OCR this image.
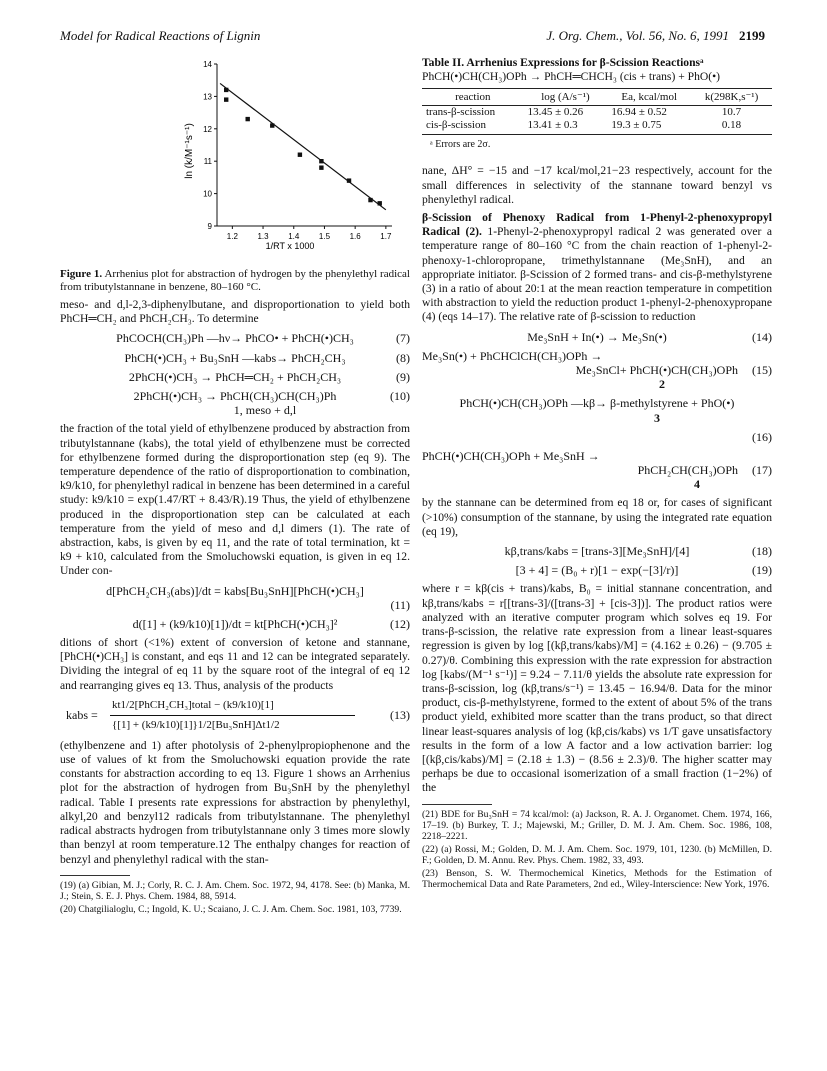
Model for Radical Reactions of Lignin	J. Org. Chem., Vol. 56, No. 6, 1991 2199
ln (k/M⁻¹s⁻¹)
1/RT x 1000
14
13
12
11
10
9
1.2 1.3 1.4 1.5 1.6 1.7
Figure 1. Arrhenius plot for abstraction of hydrogen by the phenylethyl radical from tributylstannane in benzene, 80–160 °C.

meso- and d,l-2,3-diphenylbutane, and disproportionation to yield both PhCH═CH₂ and PhCH₂CH₃. To determine

PhCOCH(CH₃)Ph —hν→ PhCO• + PhCH(•)CH₃	(7)
PhCH(•)CH₃ + Bu₃SnH —kabs→ PhCH₂CH₃	(8)
2PhCH(•)CH₃ → PhCH═CH₂ + PhCH₂CH₃	(9)
2PhCH(•)CH₃ → PhCH(CH₃)CH(CH₃)Ph	(10)
1, meso + d,l

the fraction of the total yield of ethylbenzene produced by abstraction from tributylstannane (kabs), the total yield of ethylbenzene must be corrected for ethylbenzene formed during the disproportionation step (eq 9). The temperature dependence of the ratio of disproportionation to combination, k9/k10, for phenylethyl radical in benzene has been determined in a careful study: k9/k10 = exp(1.47/RT + 8.43/R).19 Thus, the yield of ethylbenzene produced in the disproportionation step can be calculated at each temperature from the yield of meso and d,l dimers (1). The rate of abstraction, kabs, is given by eq 11, and the rate of total termination, kt = k9 + k10, calculated from the Smoluchowski equation, is given in eq 12. Under con-

d[PhCH₂CH₃(abs)]/dt = kabs[Bu₃SnH][PhCH(•)CH₃]
(11)
d([1] + (k9/k10)[1])/dt = kt[PhCH(•)CH₃]²	(12)

ditions of short (<1%) extent of conversion of ketone and stannane, [PhCH(•)CH₃] is constant, and eqs 11 and 12 can be integrated separately. Dividing the integral of eq 11 by the square root of the integral of eq 12 and rearranging gives eq 13. Thus, analysis of the products

kabs =
kt1/2[PhCH₂CH₃]total − (k9/k10)[1]
{[1] + (k9/k10)[1]}1/2[Bu₃SnH]Δt1/2
(13)

(ethylbenzene and 1) after photolysis of 2-phenylpropiophenone and the use of values of kt from the Smoluchowski equation provide the rate constants for abstraction according to eq 13. Figure 1 shows an Arrhenius plot for the abstraction of hydrogen from Bu₃SnH by the phenylethyl radical. Table I presents rate expressions for abstraction by phenylethyl, alkyl,20 and benzyl12 radicals from tributylstannane. The phenylethyl radical abstracts hydrogen from tributylstannane only 3 times more slowly than benzyl at room temperature.12 The enthalpy changes for reaction of benzyl and phenylethyl radical with the stan-

(19) (a) Gibian, M. J.; Corly, R. C. J. Am. Chem. Soc. 1972, 94, 4178. See: (b) Manka, M. J.; Stein, S. E. J. Phys. Chem. 1984, 88, 5914.
(20) Chatgilialoglu, C.; Ingold, K. U.; Scaiano, J. C. J. Am. Chem. Soc. 1981, 103, 7739.
Table II. Arrhenius Expressions for β-Scission Reactionsᵃ
PhCH(•)CH(CH₃)OPh → PhCH═CHCH₃ (cis + trans) + PhO(•)
reaction	log (A/s⁻¹)	Ea, kcal/mol	k(298K,s⁻¹)
trans-β-scission	13.45 ± 0.26	16.94 ± 0.52	10.7
cis-β-scission	13.41 ± 0.3	19.3 ± 0.75	0.18
ᵃ Errors are 2σ.

nane, ΔH° = −15 and −17 kcal/mol,21−23 respectively, account for the small differences in selectivity of the stannane toward benzyl vs phenylethyl radical.

β-Scission of Phenoxy Radical from 1-Phenyl-2-phenoxypropyl Radical (2). 1-Phenyl-2-phenoxypropyl radical 2 was generated over a temperature range of 80–160 °C from the chain reaction of 1-phenyl-2-phenoxy-1-chloropropane, trimethylstannane (Me₃SnH), and an appropriate initiator. β-Scission of 2 formed trans- and cis-β-methylstyrene (3) in a ratio of about 20:1 at the mean reaction temperature in competition with abstraction to yield the reduction product 1-phenyl-2-phenoxypropane (4) (eqs 14–17). The relative rate of β-scission to reduction

Me₃SnH + In(•) → Me₃Sn(•)	(14)
Me₃Sn(•) + PhCHClCH(CH₃)OPh →
Me₃SnCl+ PhCH(•)CH(CH₃)OPh (15)
2
PhCH(•)CH(CH₃)OPh —kβ→ β-methylstyrene + PhO(•)
3
(16)
PhCH(•)CH(CH₃)OPh + Me₃SnH →
PhCH₂CH(CH₃)OPh (17)
4

by the stannane can be determined from eq 18 or, for cases of significant (>10%) consumption of the stannane, by using the integrated rate equation (eq 19),

kβ,trans/kabs = [trans-3][Me₃SnH]/[4]	(18)
[3 + 4] = (B₀ + r)[1 − exp(−[3]/r)]	(19)

where r = kβ(cis + trans)/kabs, B₀ = initial stannane concentration, and kβ,trans/kabs = r[[trans-3]/([trans-3] + [cis-3])]. The product ratios were analyzed with an iterative computer program which solves eq 19. For trans-β-scission, the relative rate expression from a linear least-squares regression is given by log [(kβ,trans/kabs)/M] = (4.162 ± 0.26) − (9.705 ± 0.27)/θ. Combining this expression with the rate expression for abstraction log [kabs/(M⁻¹ s⁻¹)] = 9.24 − 7.11/θ yields the absolute rate expression for trans-β-scission, log (kβ,trans/s⁻¹) = 13.45 − 16.94/θ. Data for the minor product, cis-β-methylstyrene, formed to the extent of about 5% of the trans product yield, exhibited more scatter than the trans product, so that direct linear least-squares analysis of log (kβ,cis/kabs) vs 1/T gave unsatisfactory results in the form of a low A factor and a low activation barrier: log [(kβ,cis/kabs)/M] = (2.18 ± 1.3) − (8.56 ± 2.3)/θ. The higher scatter may perhaps be due to occasional isomerization of a small fraction (1−2%) of the

(21) BDE for Bu₃SnH = 74 kcal/mol: (a) Jackson, R. A. J. Organomet. Chem. 1974, 166, 17–19. (b) Burkey, T. J.; Majewski, M.; Griller, D. M. J. Am. Chem. Soc. 1986, 108, 2218–2221.
(22) (a) Rossi, M.; Golden, D. M. J. Am. Chem. Soc. 1979, 101, 1230. (b) McMillen, D. F.; Golden, D. M. Annu. Rev. Phys. Chem. 1982, 33, 493.
(23) Benson, S. W. Thermochemical Kinetics, Methods for the Estimation of Thermochemical Data and Rate Parameters, 2nd ed., Wiley-Interscience: New York, 1976.
